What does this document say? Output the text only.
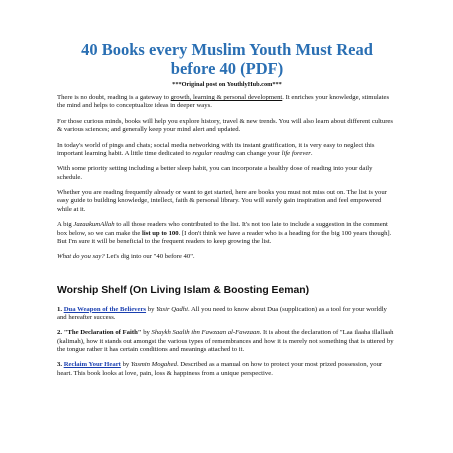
40 Books every Muslim Youth Must Read
before 40 (PDF)
***Original post on YouthlyHub.com***

There is no doubt, reading is a gateway to growth, learning & personal development. It enriches your knowledge, stimulates the mind and helps to conceptualize ideas in deeper ways.

For those curious minds, books will help you explore history, travel & new trends. You will also learn about different cultures & various sciences; and generally keep your mind alert and updated.

In today's world of pings and chats; social media networking with its instant gratification, it is very easy to neglect this important learning habit. A little time dedicated to regular reading can change your life forever.

With some priority setting including a better sleep habit, you can incorporate a healthy dose of reading into your daily schedule.

Whether you are reading frequently already or want to get started, here are books you must not miss out on. The list is your easy guide to building knowledge, intellect, faith & personal library. You will surely gain inspiration and feel empowered while at it.

A big JazaakumAllah to all those readers who contributed to the list. It's not too late to include a suggestion in the comment box below, so we can make the list up to 100. [I don't think we have a reader who is a heading for the big 100 years though]. But I'm sure it will be beneficial to the frequent readers to keep growing the list.

What do you say? Let's dig into our "40 before 40".

Worship Shelf (On Living Islam & Boosting Eeman)

1. Dua Weapon of the Believers by Yasir Qadhi. All you need to know about Dua (supplication) as a tool for your worldly and hereafter success.

2. "The Declaration of Faith" by Shaykh Saalih ibn Fawzaan al-Fawzaan. It is about the declaration of "Laa ilaaha illallaah (kalimah), how it stands out amongst the various types of remembrances and how it is merely not something that is uttered by the tongue rather it has certain conditions and meanings attached to it.

3. Reclaim Your Heart by Yasmin Mogahed. Described as a manual on how to protect your most prized possession, your heart. This book looks at love, pain, loss & happiness from a unique perspective.
